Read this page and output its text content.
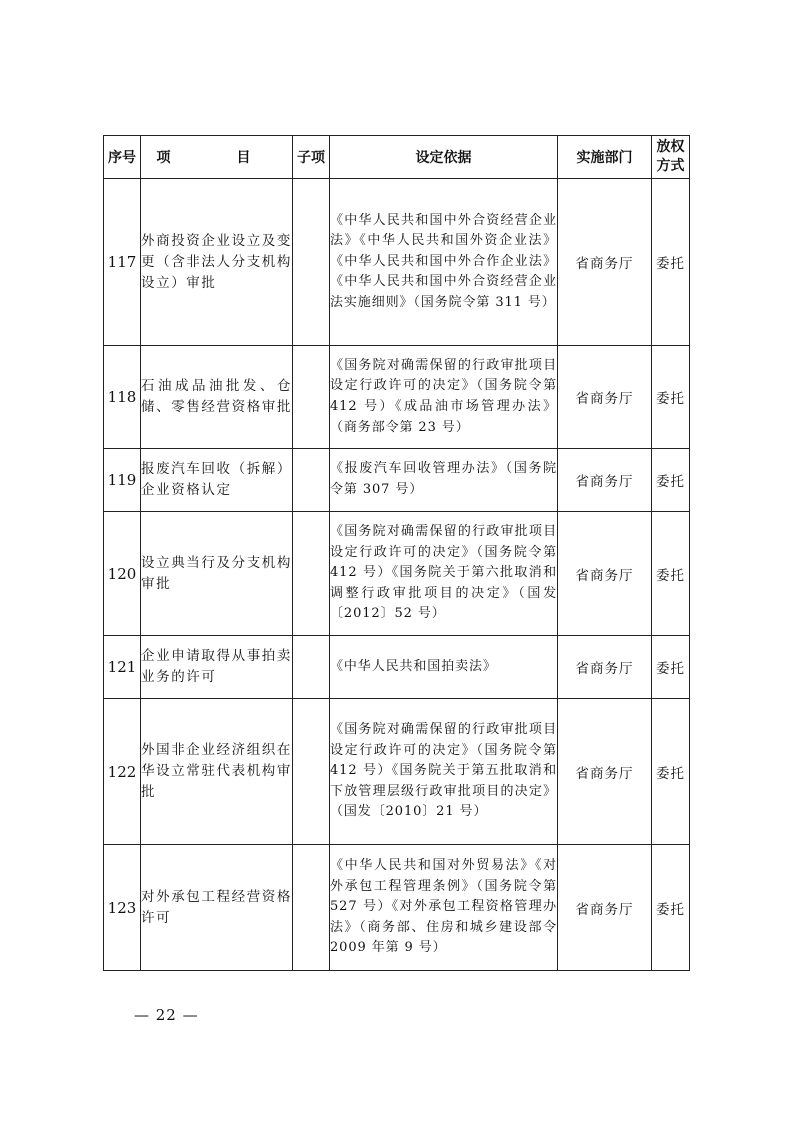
序号	项　目	子项	设定依据	实施部门	放权
方式

117	外商投资企业设立及变更（含非法人分支机构设立）审批		《中华人民共和国中外合资经营企业法》《中华人民共和国外资企业法》《中华人民共和国中外合作企业法》《中华人民共和国中外合资经营企业法实施细则》（国务院令第 311 号）	省商务厅	委托
118	石油成品油批发、仓储、零售经营资格审批		《国务院对确需保留的行政审批项目设定行政许可的决定》（国务院令第 412 号）《成品油市场管理办法》（商务部令第 23 号）	省商务厅	委托
119	报废汽车回收（拆解）企业资格认定		《报废汽车回收管理办法》（国务院令第 307 号）	省商务厅	委托
120	设立典当行及分支机构审批		《国务院对确需保留的行政审批项目设定行政许可的决定》（国务院令第 412 号）《国务院关于第六批取消和调整行政审批项目的决定》（国发〔2012〕52 号）	省商务厅	委托
121	企业申请取得从事拍卖业务的许可		《中华人民共和国拍卖法》	省商务厅	委托
122	外国非企业经济组织在华设立常驻代表机构审批		《国务院对确需保留的行政审批项目设定行政许可的决定》（国务院令第 412 号）《国务院关于第五批取消和下放管理层级行政审批项目的决定》（国发〔2010〕21 号）	省商务厅	委托
123	对外承包工程经营资格许可		《中华人民共和国对外贸易法》《对外承包工程管理条例》（国务院令第 527 号）《对外承包工程资格管理办法》（商务部、住房和城乡建设部令 2009 年第 9 号）	省商务厅	委托
— 22 —
